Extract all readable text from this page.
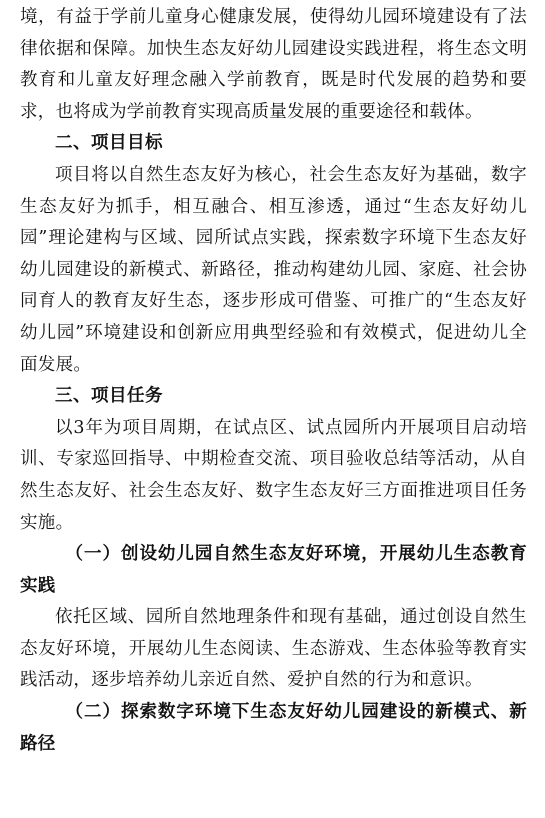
境，有益于学前儿童身心健康发展，使得幼儿园环境建设有了法律依据和保障。加快生态友好幼儿园建设实践进程，将生态文明教育和儿童友好理念融入学前教育，既是时代发展的趋势和要求，也将成为学前教育实现高质量发展的重要途径和载体。

二、项目目标

项目将以自然生态友好为核心，社会生态友好为基础，数字生态友好为抓手，相互融合、相互渗透，通过“生态友好幼儿园”理论建构与区域、园所试点实践，探索数字环境下生态友好幼儿园建设的新模式、新路径，推动构建幼儿园、家庭、社会协同育人的教育友好生态，逐步形成可借鉴、可推广的“生态友好幼儿园”环境建设和创新应用典型经验和有效模式，促进幼儿全面发展。

三、项目任务

以3年为项目周期，在试点区、试点园所内开展项目启动培训、专家巡回指导、中期检查交流、项目验收总结等活动，从自然生态友好、社会生态友好、数字生态友好三方面推进项目任务实施。

（一）创设幼儿园自然生态友好环境，开展幼儿生态教育实践

依托区域、园所自然地理条件和现有基础，通过创设自然生态友好环境，开展幼儿生态阅读、生态游戏、生态体验等教育实践活动，逐步培养幼儿亲近自然、爱护自然的行为和意识。

（二）探索数字环境下生态友好幼儿园建设的新模式、新路径
